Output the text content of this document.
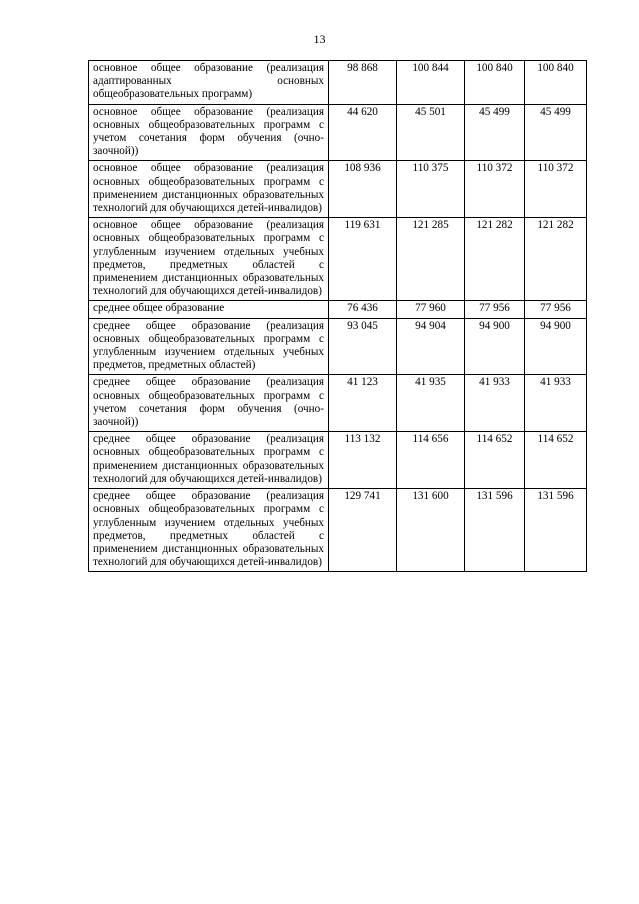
13
основное общее образование (реализация адаптированных основных общеобразовательных программ)	98 868	100 844	100 840	100 840
основное общее образование (реализация основных общеобразовательных программ с учетом сочетания форм обучения (очно-заочной))	44 620	45 501	45 499	45 499
основное общее образование (реализация основных общеобразовательных программ с применением дистанционных образовательных технологий для обучающихся детей-инвалидов)	108 936	110 375	110 372	110 372
основное общее образование (реализация основных общеобразовательных программ с углубленным изучением отдельных учебных предметов, предметных областей с применением дистанционных образовательных технологий для обучающихся детей-инвалидов)	119 631	121 285	121 282	121 282
среднее общее образование	76 436	77 960	77 956	77 956
среднее общее образование (реализация основных общеобразовательных программ с углубленным изучением отдельных учебных предметов, предметных областей)	93 045	94 904	94 900	94 900
среднее общее образование (реализация основных общеобразовательных программ с учетом сочетания форм обучения (очно-заочной))	41 123	41 935	41 933	41 933
среднее общее образование (реализация основных общеобразовательных программ с применением дистанционных образовательных технологий для обучающихся детей-инвалидов)	113 132	114 656	114 652	114 652
среднее общее образование (реализация основных общеобразовательных программ с углубленным изучением отдельных учебных предметов, предметных областей с применением дистанционных образовательных технологий для обучающихся детей-инвалидов)	129 741	131 600	131 596	131 596
